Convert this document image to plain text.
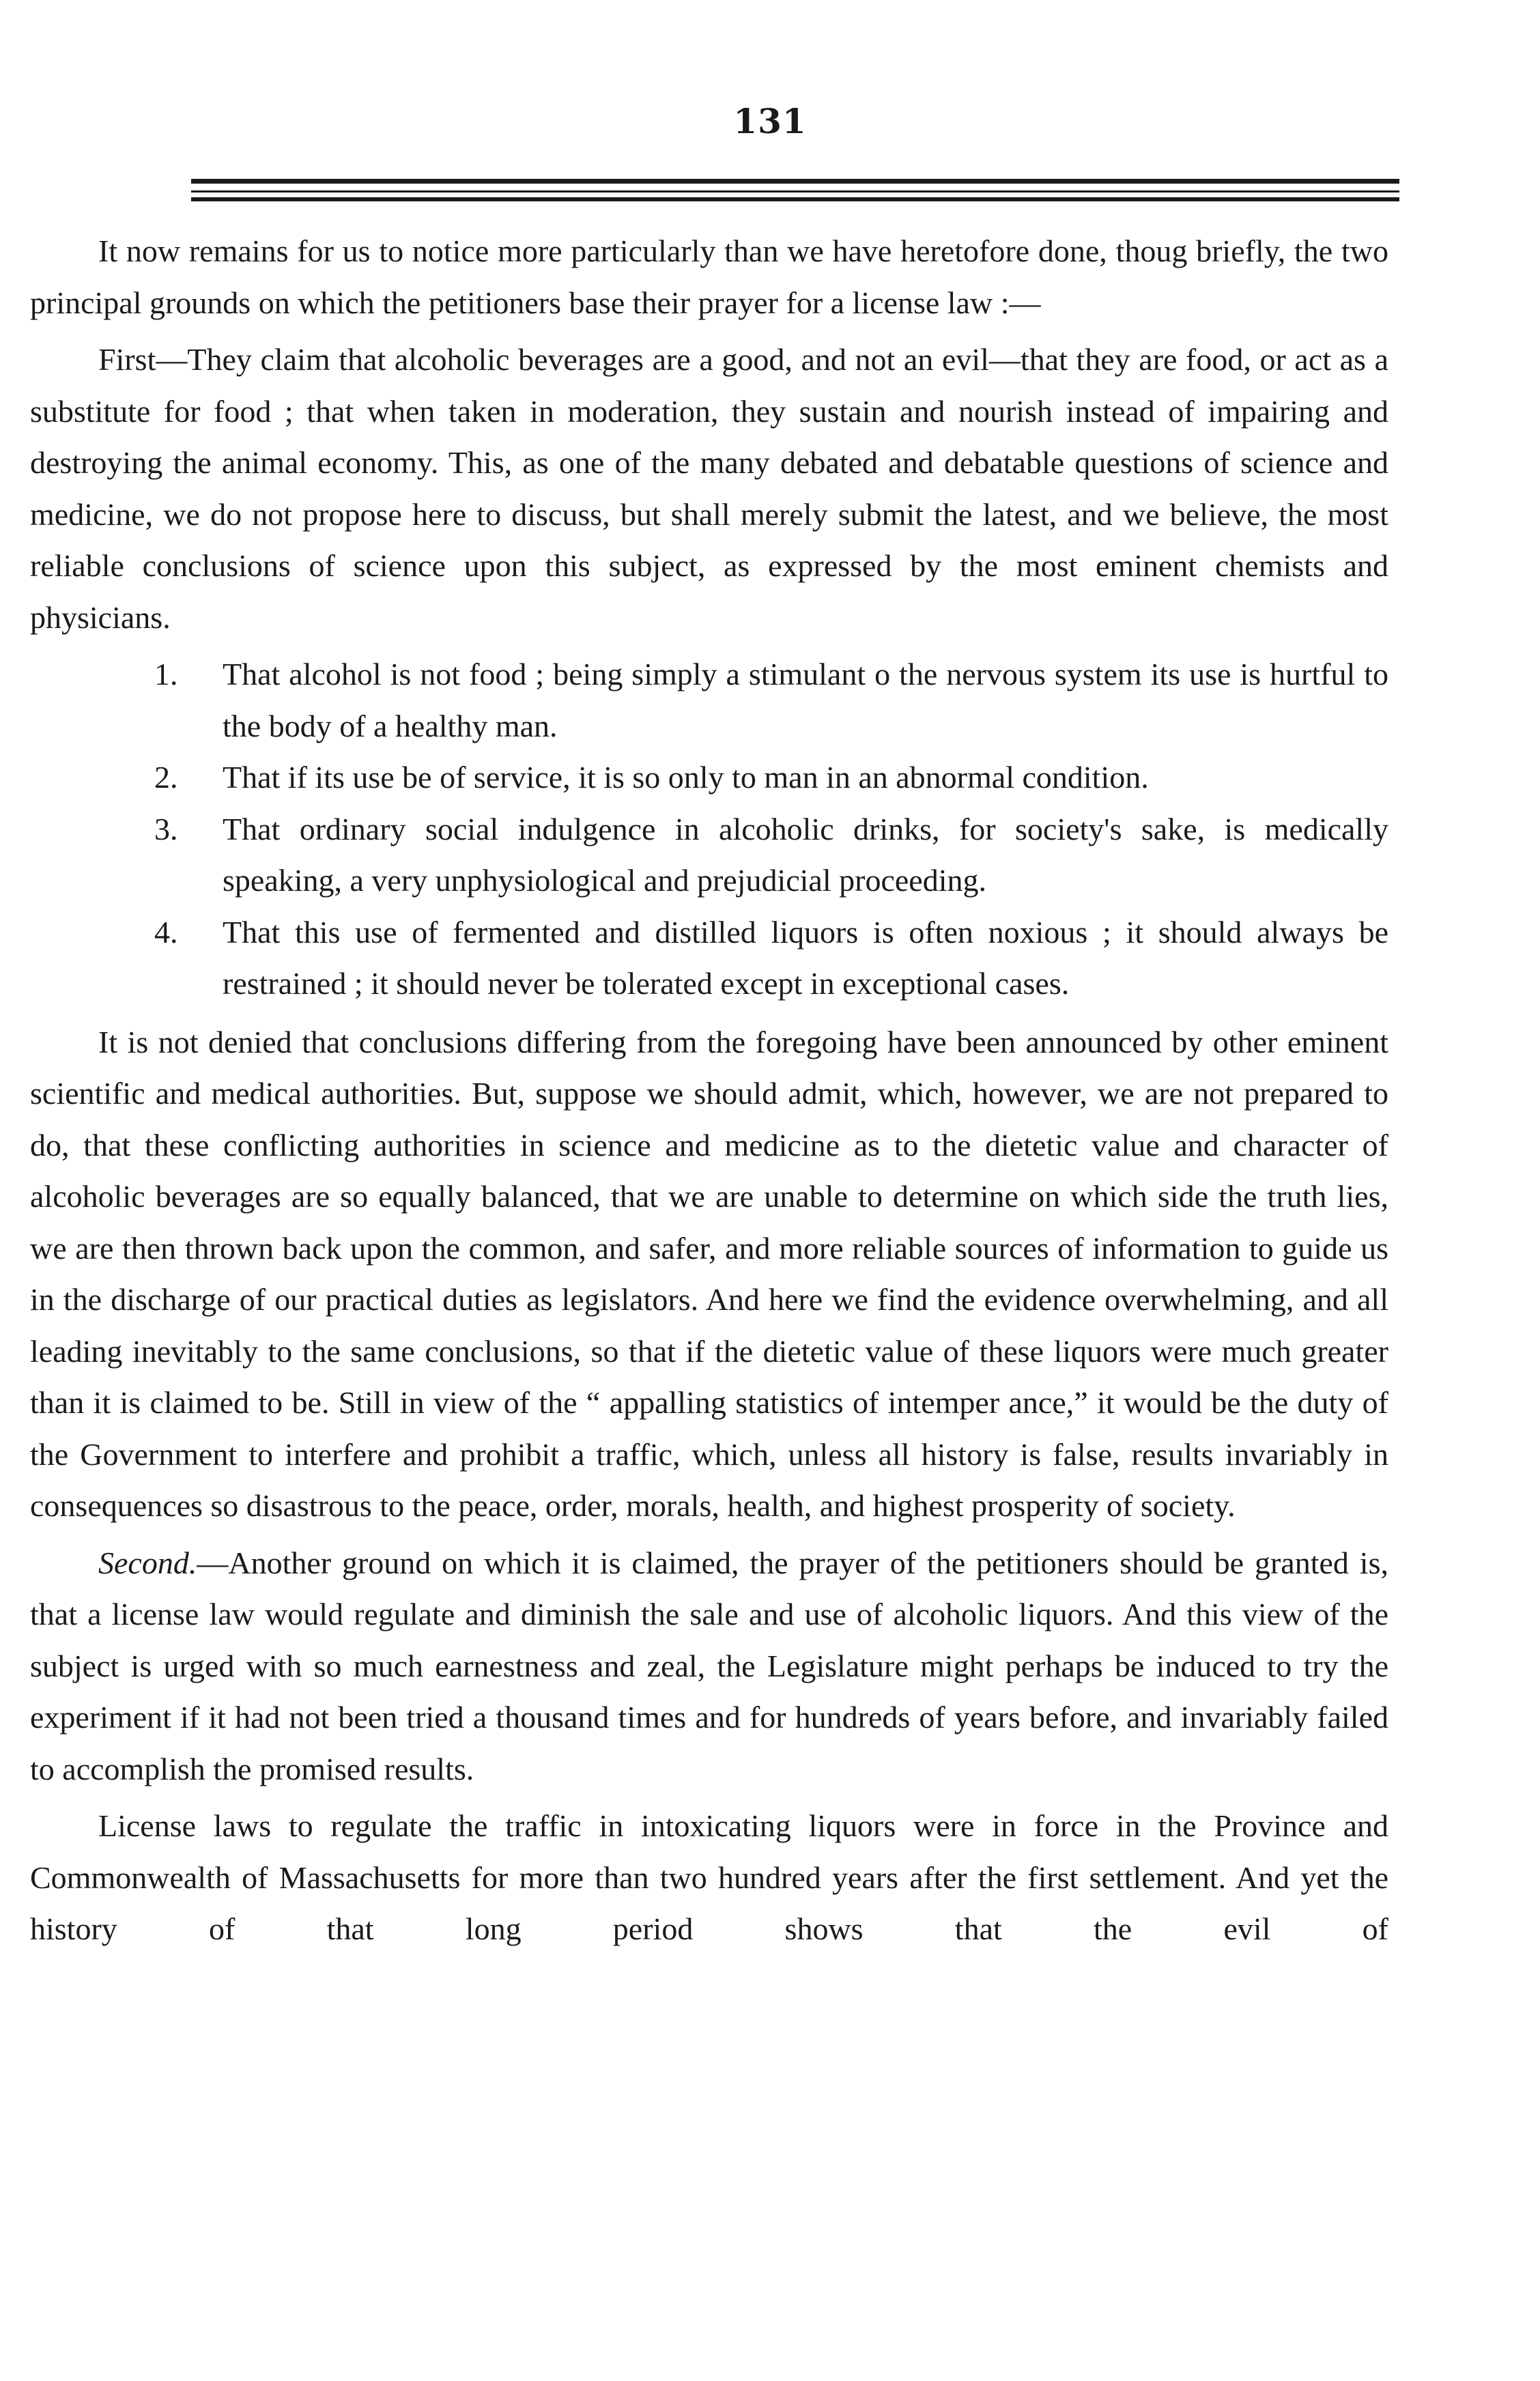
131

It now remains for us to notice more particularly than we have heretofore done, thoug briefly, the two principal grounds on which the petitioners base their prayer for a license law :—

First—They claim that alcoholic beverages are a good, and not an evil—that they are food, or act as a substitute for food ; that when taken in moderation, they sustain and nourish instead of impairing and destroying the animal economy. This, as one of the many debated and debatable questions of science and medicine, we do not propose here to discuss, but shall merely submit the latest, and we believe, the most reliable conclusions of science upon this subject, as expressed by the most eminent chemists and physicians.

1. That alcohol is not food ; being simply a stimulant o the nervous system its use is hurtful to the body of a healthy man.

2. That if its use be of service, it is so only to man in an abnormal condition.

3. That ordinary social indulgence in alcoholic drinks, for society's sake, is medically speaking, a very unphysiological and prejudicial proceeding.

4. That this use of fermented and distilled liquors is often noxious ; it should always be restrained ; it should never be tolerated except in exceptional cases.

It is not denied that conclusions differing from the foregoing have been announced by other eminent scientific and medical authorities. But, suppose we should admit, which, however, we are not prepared to do, that these conflicting authorities in science and medicine as to the dietetic value and character of alcoholic beverages are so equally balanced, that we are unable to determine on which side the truth lies, we are then thrown back upon the common, and safer, and more reliable sources of information to guide us in the discharge of our practical duties as legislators. And here we find the evidence overwhelming, and all leading inevitably to the same conclusions, so that if the dietetic value of these liquors were much greater than it is claimed to be. Still in view of the “ appalling statistics of intemper ance,” it would be the duty of the Government to interfere and prohibit a traffic, which, unless all history is false, results invariably in consequences so disastrous to the peace, order, morals, health, and highest prosperity of society.

Second.—Another ground on which it is claimed, the prayer of the petitioners should be granted is, that a license law would regulate and diminish the sale and use of alcoholic liquors. And this view of the subject is urged with so much earnestness and zeal, the Legislature might perhaps be induced to try the experiment if it had not been tried a thousand times and for hundreds of years before, and invariably failed to accomplish the promised results.

License laws to regulate the traffic in intoxicating liquors were in force in the Province and Commonwealth of Massachusetts for more than two hundred years after the first settlement. And yet the history of that long period shows that the evil of
